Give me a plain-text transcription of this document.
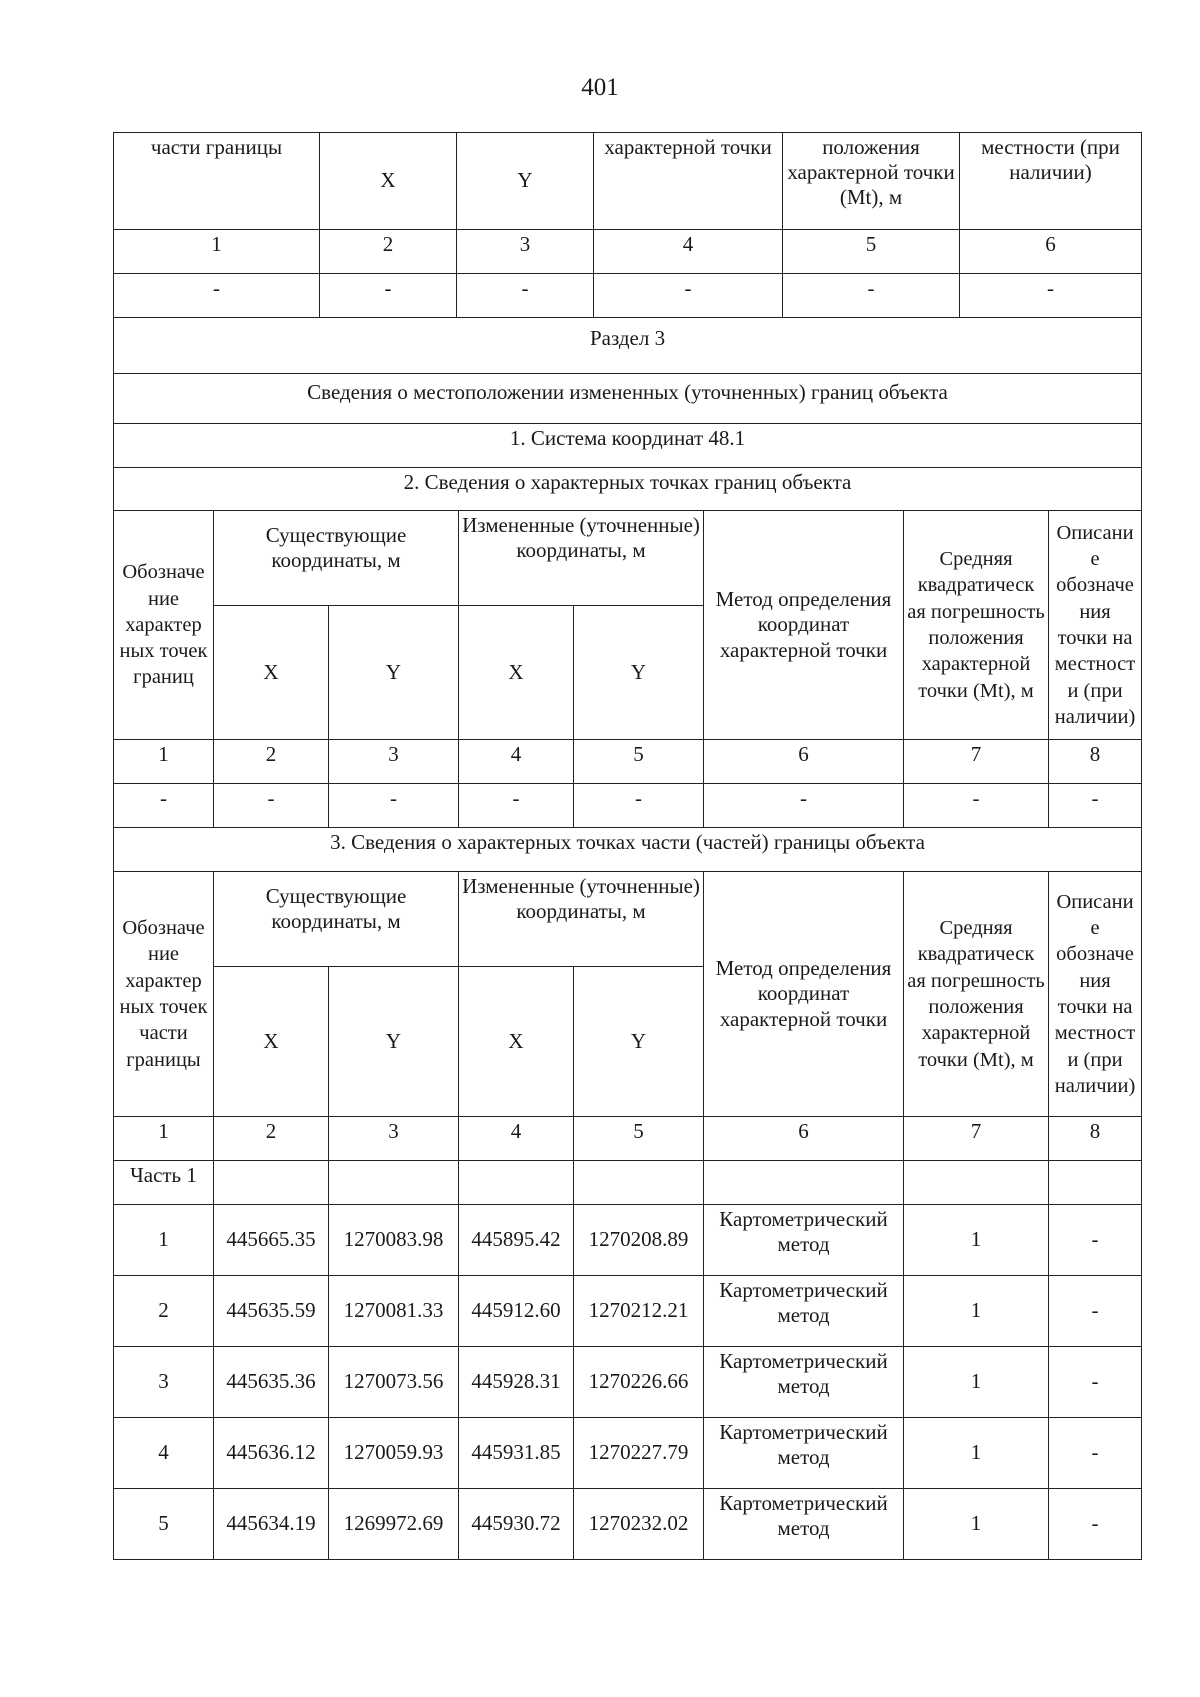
401
части границы	X	Y	характерной точки	положения характерной точки (Mt), м	местности (при наличии)
1	2	3	4	5	6
-	-	-	-	-	-
Раздел 3							
Сведения о местоположении измененных (уточненных) границ объекта							
1. Система координат 48.1							
2. Сведения о характерных точках границ объекта							
Обозначе ние характер ных точек границ	Существующие координаты, м		Измененные (уточненные) координаты, м		Метод определения координат характерной точки	Средняя квадратическ ая погрешность положения характерной точки (Mt), м	Описани е обозначе ния точки на местност и (при наличии)
	X	Y	X	Y			
1	2	3	4	5	6	7	8
-	-	-	-	-	-	-	-
3. Сведения о характерных точках части (частей) границы объекта							
Обозначе ние характер ных точек части границы	Существующие координаты, м		Измененные (уточненные) координаты, м		Метод определения координат характерной точки	Средняя квадратическ ая погрешность положения характерной точки (Mt), м	Описани е обозначе ния точки на местност и (при наличии)
	X	Y	X	Y			
1	2	3	4	5	6	7	8
Часть 1							
1	445665.35	1270083.98	445895.42	1270208.89	Картометрический метод	1	-
2	445635.59	1270081.33	445912.60	1270212.21	Картометрический метод	1	-
3	445635.36	1270073.56	445928.31	1270226.66	Картометрический метод	1	-
4	445636.12	1270059.93	445931.85	1270227.79	Картометрический метод	1	-
5	445634.19	1269972.69	445930.72	1270232.02	Картометрический метод	1	-
